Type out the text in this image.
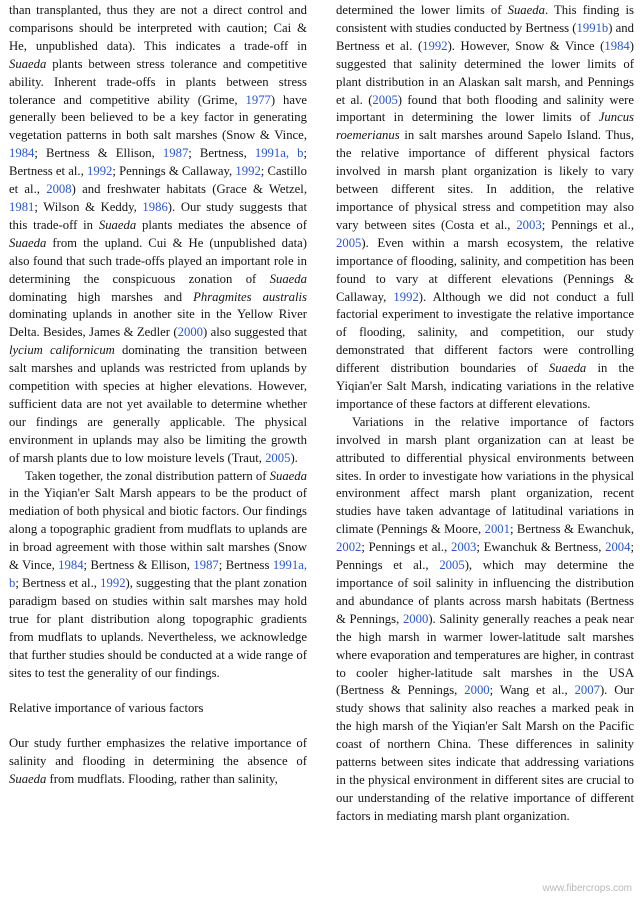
than transplanted, thus they are not a direct control and comparisons should be interpreted with caution; Cai & He, unpublished data). This indicates a trade-off in Suaeda plants between stress tolerance and competitive ability. Inherent trade-offs in plants between stress tolerance and competitive ability (Grime, 1977) have generally been believed to be a key factor in generating vegetation patterns in both salt marshes (Snow & Vince, 1984; Bertness & Ellison, 1987; Bertness, 1991a, b; Bertness et al., 1992; Pennings & Callaway, 1992; Castillo et al., 2008) and freshwater habitats (Grace & Wetzel, 1981; Wilson & Keddy, 1986). Our study suggests that this trade-off in Suaeda plants mediates the absence of Suaeda from the upland. Cui & He (unpublished data) also found that such trade-offs played an important role in determining the conspicuous zonation of Suaeda dominating high marshes and Phragmites australis dominating uplands in another site in the Yellow River Delta. Besides, James & Zedler (2000) also suggested that lycium californicum dominating the transition between salt marshes and uplands was restricted from uplands by competition with species at higher elevations. However, sufficient data are not yet available to determine whether our findings are generally applicable. The physical environment in uplands may also be limiting the growth of marsh plants due to low moisture levels (Traut, 2005).

Taken together, the zonal distribution pattern of Suaeda in the Yiqian'er Salt Marsh appears to be the product of mediation of both physical and biotic factors. Our findings along a topographic gradient from mudflats to uplands are in broad agreement with those within salt marshes (Snow & Vince, 1984; Bertness & Ellison, 1987; Bertness 1991a, b; Bertness et al., 1992), suggesting that the plant zonation paradigm based on studies within salt marshes may hold true for plant distribution along topographic gradients from mudflats to uplands. Nevertheless, we acknowledge that further studies should be conducted at a wide range of sites to test the generality of our findings.

Relative importance of various factors

Our study further emphasizes the relative importance of salinity and flooding in determining the absence of Suaeda from mudflats. Flooding, rather than salinity,

determined the lower limits of Suaeda. This finding is consistent with studies conducted by Bertness (1991b) and Bertness et al. (1992). However, Snow & Vince (1984) suggested that salinity determined the lower limits of plant distribution in an Alaskan salt marsh, and Pennings et al. (2005) found that both flooding and salinity were important in determining the lower limits of Juncus roemerianus in salt marshes around Sapelo Island. Thus, the relative importance of different physical factors involved in marsh plant organization is likely to vary between different sites. In addition, the relative importance of physical stress and competition may also vary between sites (Costa et al., 2003; Pennings et al., 2005). Even within a marsh ecosystem, the relative importance of flooding, salinity, and competition has been found to vary at different elevations (Pennings & Callaway, 1992). Although we did not conduct a full factorial experiment to investigate the relative importance of flooding, salinity, and competition, our study demonstrated that different factors were controlling different distribution boundaries of Suaeda in the Yiqian'er Salt Marsh, indicating variations in the relative importance of these factors at different elevations.

Variations in the relative importance of factors involved in marsh plant organization can at least be attributed to differential physical environments between sites. In order to investigate how variations in the physical environment affect marsh plant organization, recent studies have taken advantage of latitudinal variations in climate (Pennings & Moore, 2001; Bertness & Ewanchuk, 2002; Pennings et al., 2003; Ewanchuk & Bertness, 2004; Pennings et al., 2005), which may determine the importance of soil salinity in influencing the distribution and abundance of plants across marsh habitats (Bertness & Pennings, 2000). Salinity generally reaches a peak near the high marsh in warmer lower-latitude salt marshes where evaporation and temperatures are higher, in contrast to cooler higher-latitude salt marshes in the USA (Bertness & Pennings, 2000; Wang et al., 2007). Our study shows that salinity also reaches a marked peak in the high marsh of the Yiqian'er Salt Marsh on the Pacific coast of northern China. These differences in salinity patterns between sites indicate that addressing variations in the physical environment in different sites are crucial to our understanding of the relative importance of different factors in mediating marsh plant organization.

www.fibercrops.com
